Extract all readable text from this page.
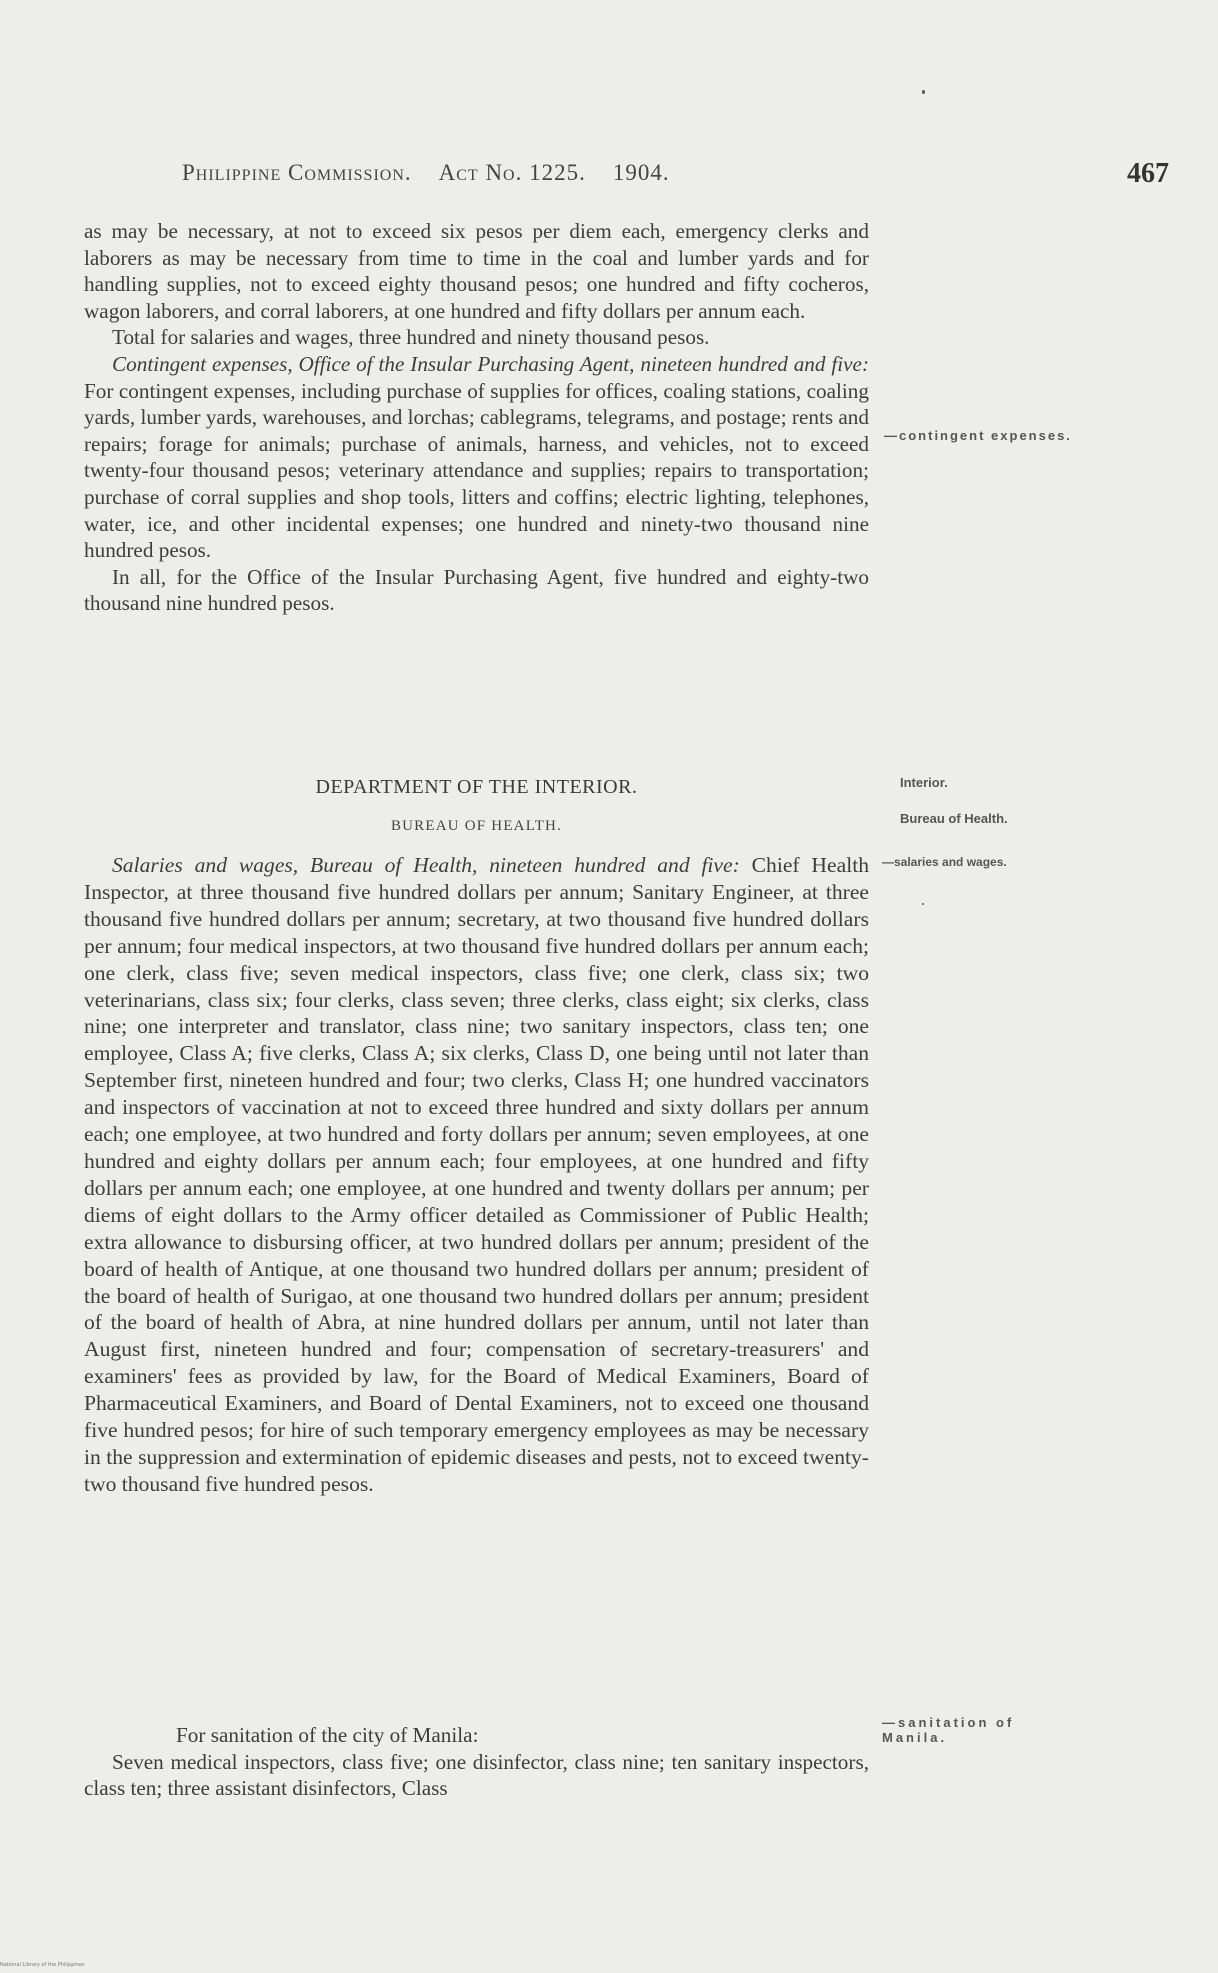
Philippine Commission. Act No. 1225. 1904.	467

as may be necessary, at not to exceed six pesos per diem each, emergency clerks and laborers as may be necessary from time to time in the coal and lumber yards and for handling supplies, not to exceed eighty thousand pesos; one hundred and fifty cocheros, wagon laborers, and corral laborers, at one hundred and fifty dollars per annum each.

Total for salaries and wages, three hundred and ninety thousand pesos.

Contingent expenses, Office of the Insular Purchasing Agent, nineteen hundred and five: For contingent expenses, including purchase of supplies for offices, coaling stations, coaling yards, lumber yards, warehouses, and lorchas; cablegrams, telegrams, and postage; rents and repairs; forage for animals; purchase of animals, harness, and vehicles, not to exceed twenty-four thousand pesos; veterinary attendance and supplies; repairs to transportation; purchase of corral supplies and shop tools, litters and coffins; electric lighting, telephones, water, ice, and other incidental expenses; one hundred and ninety-two thousand nine hundred pesos.

In all, for the Office of the Insular Purchasing Agent, five hundred and eighty-two thousand nine hundred pesos.

DEPARTMENT OF THE INTERIOR.
BUREAU OF HEALTH.

Salaries and wages, Bureau of Health, nineteen hundred and five: Chief Health Inspector, at three thousand five hundred dollars per annum; Sanitary Engineer, at three thousand five hundred dollars per annum; secretary, at two thousand five hundred dollars per annum; four medical inspectors, at two thousand five hundred dollars per annum each; one clerk, class five; seven medical inspectors, class five; one clerk, class six; two veterinarians, class six; four clerks, class seven; three clerks, class eight; six clerks, class nine; one interpreter and translator, class nine; two sanitary inspectors, class ten; one employee, Class A; five clerks, Class A; six clerks, Class D, one being until not later than September first, nineteen hundred and four; two clerks, Class H; one hundred vaccinators and inspectors of vaccination at not to exceed three hundred and sixty dollars per annum each; one employee, at two hundred and forty dollars per annum; seven employees, at one hundred and eighty dollars per annum each; four employees, at one hundred and fifty dollars per annum each; one employee, at one hundred and twenty dollars per annum; per diems of eight dollars to the Army officer detailed as Commissioner of Public Health; extra allowance to disbursing officer, at two hundred dollars per annum; president of the board of health of Antique, at one thousand two hundred dollars per annum; president of the board of health of Surigao, at one thousand two hundred dollars per annum; president of the board of health of Abra, at nine hundred dollars per annum, until not later than August first, nineteen hundred and four; compensation of secretary-treasurers' and examiners' fees as provided by law, for the Board of Medical Examiners, Board of Pharmaceutical Examiners, and Board of Dental Examiners, not to exceed one thousand five hundred pesos; for hire of such temporary emergency employees as may be necessary in the suppression and extermination of epidemic diseases and pests, not to exceed twenty-two thousand five hundred pesos.

For sanitation of the city of Manila:

Seven medical inspectors, class five; one disinfector, class nine; ten sanitary inspectors, class ten; three assistant disinfectors, Class

—contingent expenses.
Interior.
Bureau of Health.
—salaries and wages.
—sanitation of Manila.
National Library of the Philippines
